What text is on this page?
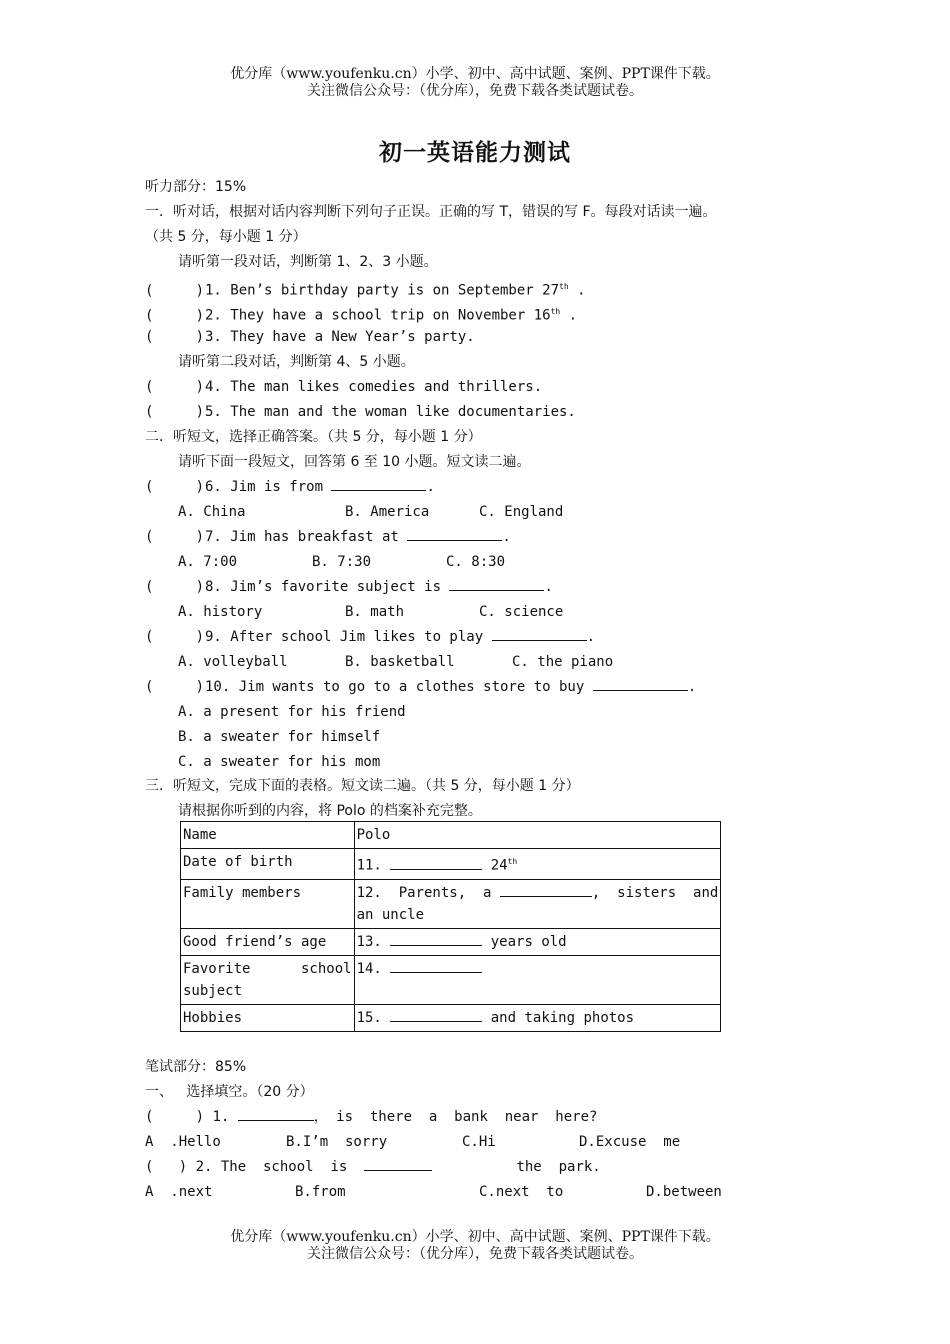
优分库（www.youfenku.cn）小学、初中、高中试题、案例、PPT课件下载。
关注微信公众号：（优分库），免费下载各类试题试卷。
初一英语能力测试
听力部分：15%
一．听对话，根据对话内容判断下列句子正误。正确的写 T，错误的写 F。每段对话读一遍。
（共 5 分，每小题 1 分）
请听第一段对话，判断第 1、2、3 小题。
(     )1. Ben’s birthday party is on September 27th .
(     )2. They have a school trip on November 16th .
(     )3. They have a New Year’s party.
请听第二段对话，判断第 4、5 小题。
(     )4. The man likes comedies and thrillers.
(     )5. The man and the woman like documentaries.
二．听短文，选择正确答案。（共 5 分，每小题 1 分）
请听下面一段短文，回答第 6 至 10 小题。短文读二遍。
(     )6. Jim is from	.
A. China	B. America	C. England
(     )7. Jim has breakfast at	.
A. 7:00	B. 7:30	C. 8:30
(     )8. Jim’s favorite subject is	.
A. history	B. math	C. science
(     )9. After school Jim likes to play	.
A. volleyball	B. basketball	C. the piano
(     )10. Jim wants to go to a clothes store to buy	.
A. a present for his friend
B. a sweater for himself
C. a sweater for his mom
三．听短文，完成下面的表格。短文读二遍。（共 5 分，每小题 1 分）
请根据你听到的内容，将 Polo 的档案补充完整。
Name	Polo
Date of birth	11. 24th
Family members	12.  Parents,  a ,  sisters  and
an uncle
Good friend’s age	13. years old
Favorite      school
subject	14.
Hobbies	15. and taking photos
笔试部分：85%
一、   选择填空。（20 分）
(     ) 1.	， is  there  a  bank  near  here?
A  .Hello	B.I’m  sorry	C.Hi	D.Excuse  me
(   ) 2. The  school  is	the  park.
A  .next	B.from	C.next  to	D.between
优分库（www.youfenku.cn）小学、初中、高中试题、案例、PPT课件下载。
关注微信公众号：（优分库），免费下载各类试题试卷。
